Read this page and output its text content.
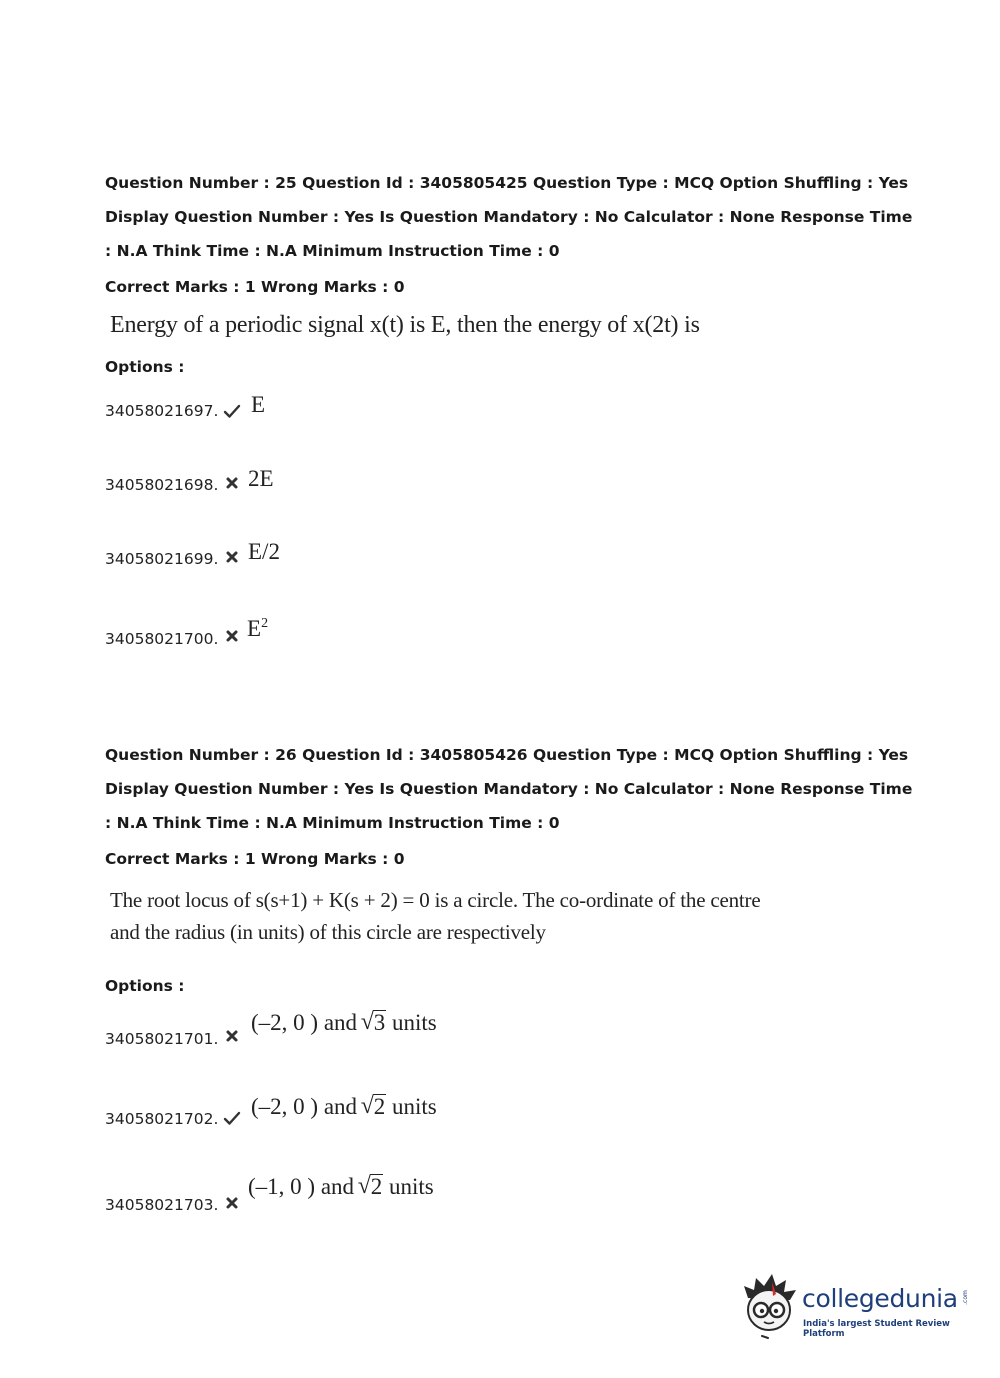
Question Number : 25 Question Id : 3405805425 Question Type : MCQ Option Shuffling : Yes

Display Question Number : Yes Is Question Mandatory : No Calculator : None Response Time

: N.A Think Time : N.A Minimum Instruction Time : 0

Correct Marks : 1 Wrong Marks : 0

Energy of a periodic signal x(t) is E, then the energy of x(2t) is
Options :
34058021697. E
34058021698. 2E
34058021699. E/2
34058021700. $E^2$

Question Number : 26 Question Id : 3405805426 Question Type : MCQ Option Shuffling : Yes

Display Question Number : Yes Is Question Mandatory : No Calculator : None Response Time

: N.A Think Time : N.A Minimum Instruction Time : 0

Correct Marks : 1 Wrong Marks : 0

The root locus of s(s+1) + K(s + 2) = 0 is a circle. The co-ordinate of the centre
and the radius (in units) of this circle are respectively
Options :
34058021701.
(–2, 0 ) and
√ 3 units
34058021702. (–2, 0 ) and
√ 2 units
34058021703.
(–1, 0 ) and
√ 2 units
collegedunia .com
India's largest Student Review Platform
